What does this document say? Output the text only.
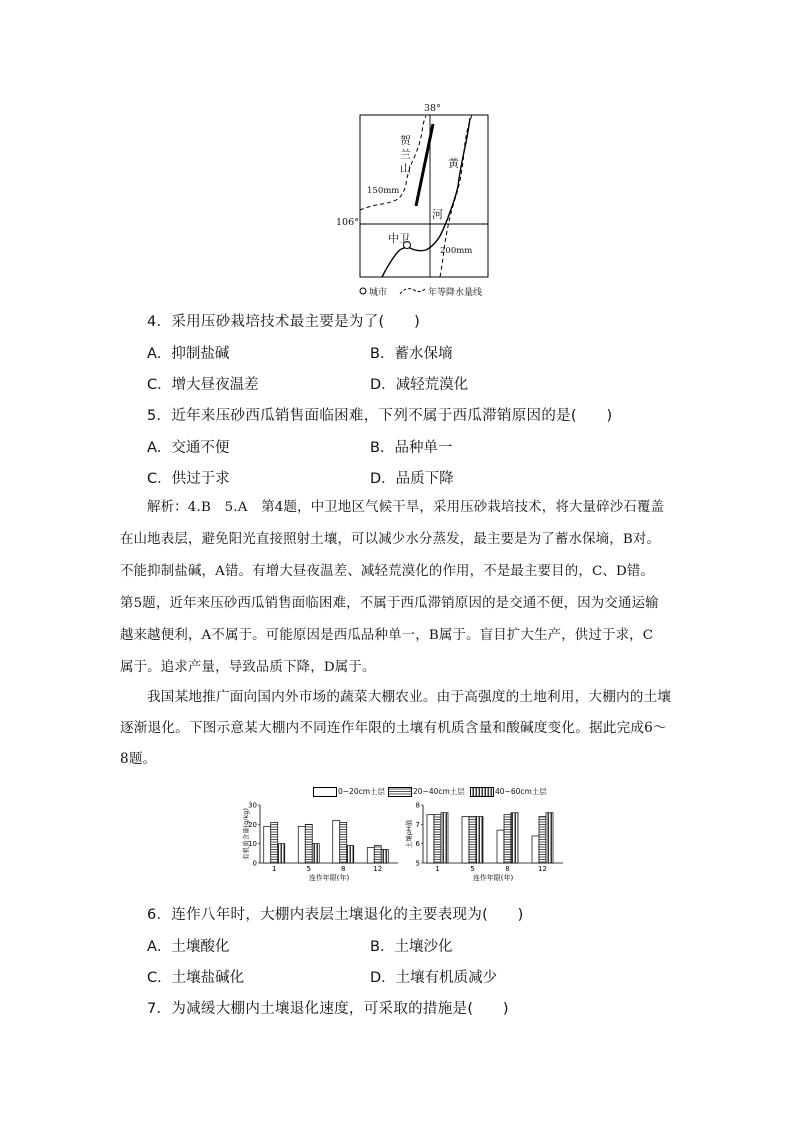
38°
106°
贺兰山	黄
河
中卫
150mm
200mm
城市	年等降水量线
4．采用压砂栽培技术最主要是为了(　　)
A．抑制盐碱	B．蓄水保墒
C．增大昼夜温差	D．减轻荒漠化
5．近年来压砂西瓜销售面临困难，下列不属于西瓜滞销原因的是(　　)
A．交通不便	B．品种单一
C．供过于求	D．品质下降

解析：4.B　5.A　第4题，中卫地区气候干旱，采用压砂栽培技术，将大量碎沙石覆盖

在山地表层，避免阳光直接照射土壤，可以减少水分蒸发，最主要是为了蓄水保墒，B对。

不能抑制盐碱，A错。有增大昼夜温差、减轻荒漠化的作用，不是最主要目的，C、D错。

第5题，近年来压砂西瓜销售面临困难，不属于西瓜滞销原因的是交通不便，因为交通运输

越来越便利，A不属于。可能原因是西瓜品种单一，B属于。盲目扩大生产，供过于求，C

属于。追求产量，导致品质下降，D属于。

我国某地推广面向国内外市场的蔬菜大棚农业。由于高强度的土地利用，大棚内的土壤

逐渐退化。下图示意某大棚内不同连作年限的土壤有机质含量和酸碱度变化。据此完成6～

8题。

0~20cm土层	20~40cm土层	40~60cm土层
0
10
20
30
有机质含量(g/kg)
1	5	8	12
连作年限(年)
5
6
7
8
土壤pH值
1	5	8	12
连作年限(年)
6．连作八年时，大棚内表层土壤退化的主要表现为(　　)
A．土壤酸化	B．土壤沙化
C．土壤盐碱化	D．土壤有机质减少
7．为减缓大棚内土壤退化速度，可采取的措施是(　　)
